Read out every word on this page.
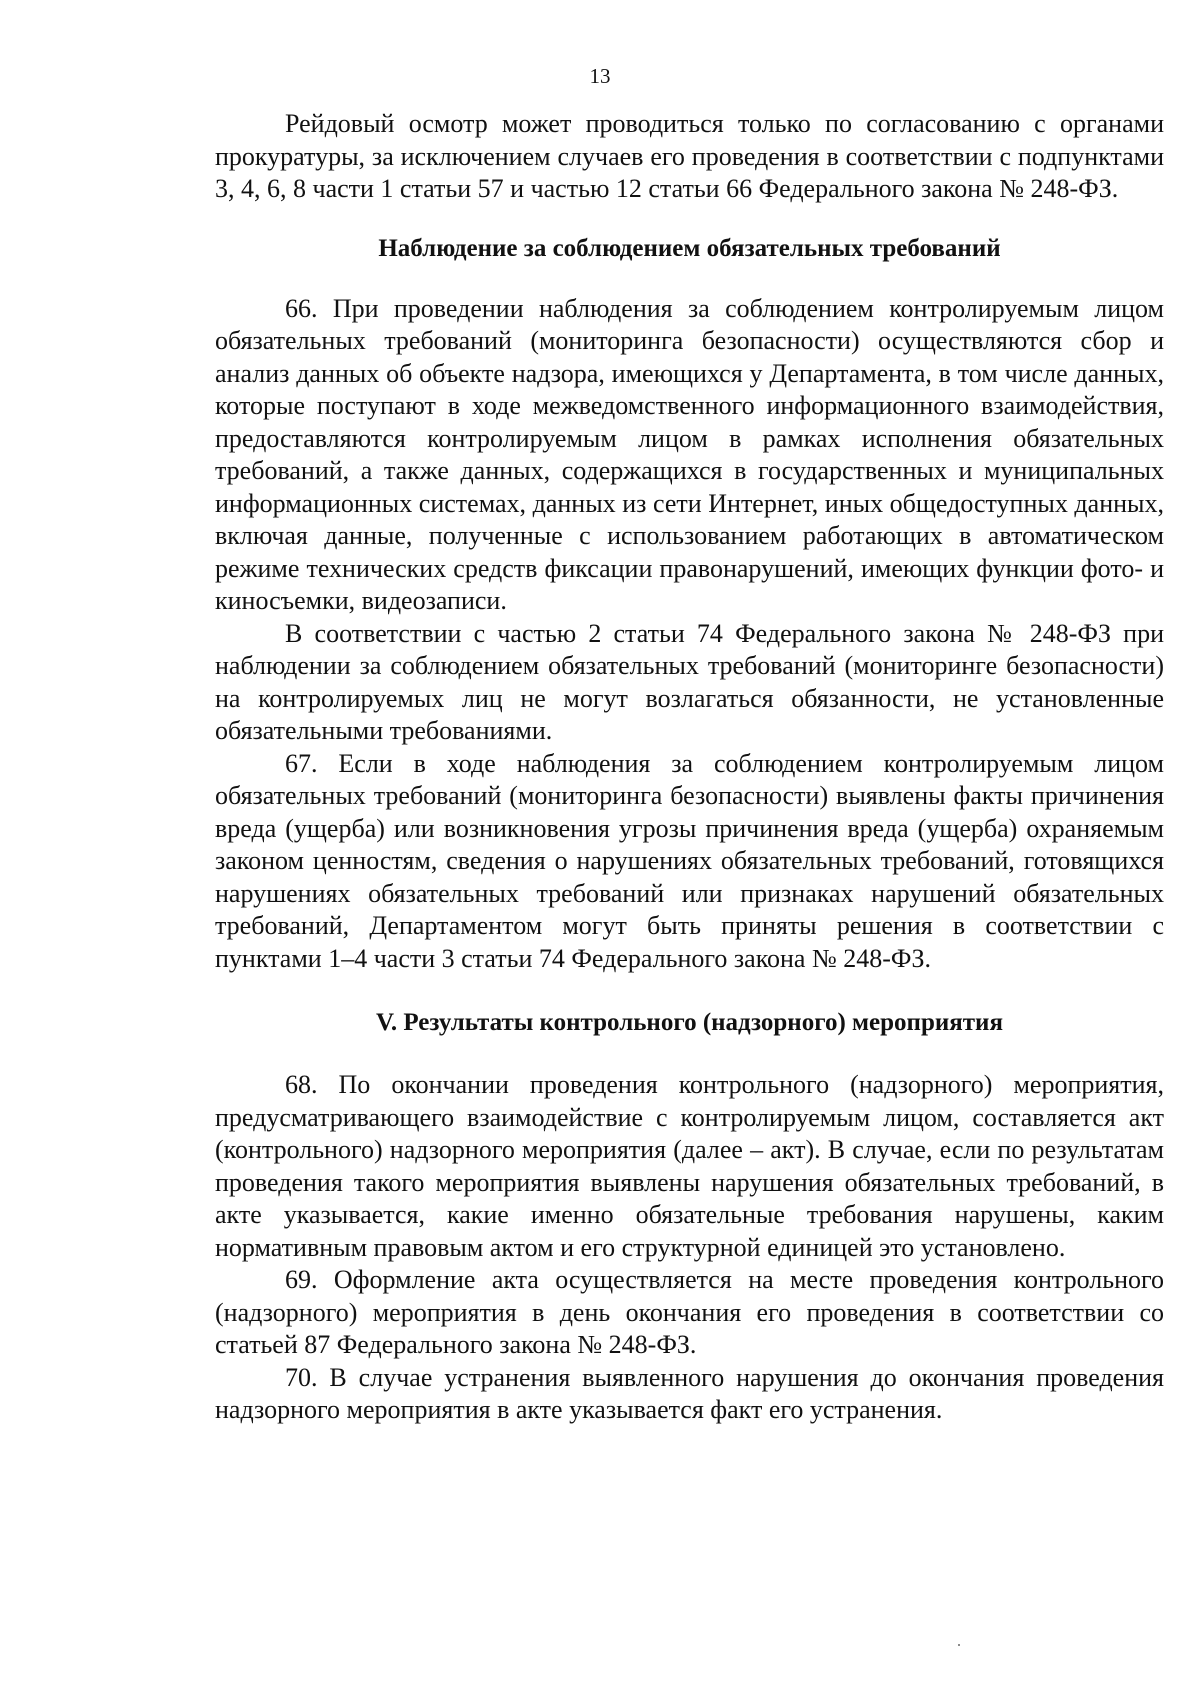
13

Рейдовый осмотр может проводиться только по согласованию с органами прокуратуры, за исключением случаев его проведения в соответствии с подпунктами 3, 4, 6, 8 части 1 статьи 57 и частью 12 статьи 66 Федерального закона № 248-ФЗ.

Наблюдение за соблюдением обязательных требований

66. При проведении наблюдения за соблюдением контролируемым лицом обязательных требований (мониторинга безопасности) осуществляются сбор и анализ данных об объекте надзора, имеющихся у Департамента, в том числе данных, которые поступают в ходе межведомственного информационного взаимодействия, предоставляются контролируемым лицом в рамках исполнения обязательных требований, а также данных, содержащихся в государственных и муниципальных информационных системах, данных из сети Интернет, иных общедоступных данных, включая данные, полученные с использованием работающих в автоматическом режиме технических средств фиксации правонарушений, имеющих функции фото- и киносъемки, видеозаписи.

В соответствии с частью 2 статьи 74 Федерального закона № 248-ФЗ при наблюдении за соблюдением обязательных требований (мониторинге безопасности) на контролируемых лиц не могут возлагаться обязанности, не установленные обязательными требованиями.

67. Если в ходе наблюдения за соблюдением контролируемым лицом обязательных требований (мониторинга безопасности) выявлены факты причинения вреда (ущерба) или возникновения угрозы причинения вреда (ущерба) охраняемым законом ценностям, сведения о нарушениях обязательных требований, готовящихся нарушениях обязательных требований или признаках нарушений обязательных требований, Департаментом могут быть приняты решения в соответствии с пунктами 1–4 части 3 статьи 74 Федерального закона № 248-ФЗ.

V. Результаты контрольного (надзорного) мероприятия

68. По окончании проведения контрольного (надзорного) мероприятия, предусматривающего взаимодействие с контролируемым лицом, составляется акт (контрольного) надзорного мероприятия (далее – акт). В случае, если по результатам проведения такого мероприятия выявлены нарушения обязательных требований, в акте указывается, какие именно обязательные требования нарушены, каким нормативным правовым актом и его структурной единицей это установлено.

69. Оформление акта осуществляется на месте проведения контрольного (надзорного) мероприятия в день окончания его проведения в соответствии со статьей 87 Федерального закона № 248-ФЗ.

70. В случае устранения выявленного нарушения до окончания проведения надзорного мероприятия в акте указывается факт его устранения.
